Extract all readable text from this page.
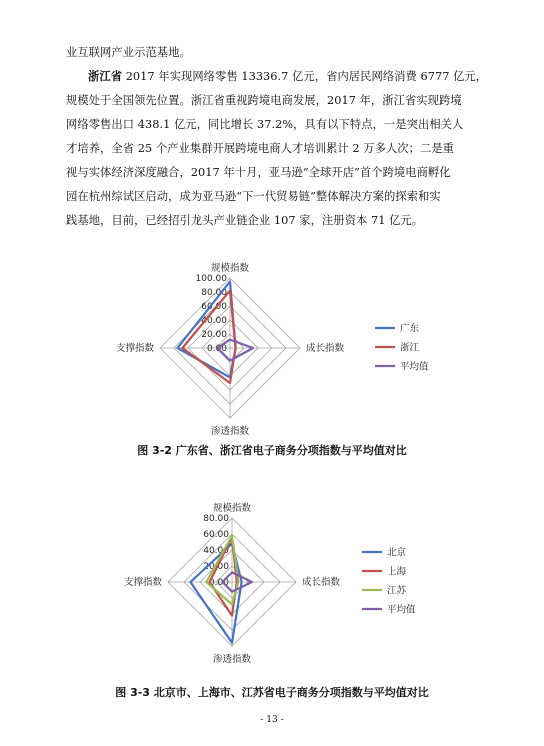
业互联网产业示范基地。
浙江省 2017 年实现网络零售 13336.7 亿元，省内居民网络消费 6777 亿元，
规模处于全国领先位置。浙江省重视跨境电商发展，2017 年，浙江省实现跨境
网络零售出口 438.1 亿元，同比增长 37.2%，具有以下特点，一是突出相关人
才培养，全省 25 个产业集群开展跨境电商人才培训累计 2 万多人次；二是重
视与实体经济深度融合，2017 年十月，亚马逊“全球开店”首个跨境电商孵化
园在杭州综试区启动，成为亚马逊“下一代贸易链”整体解决方案的探索和实
践基地，目前，已经招引龙头产业链企业 107 家，注册资本 71 亿元。
100.00
80.00
60.00
40.00
20.00
0.00
规模指数
成长指数
渗透指数
支撑指数
广东
浙江
平均值
图 3-2 广东省、浙江省电子商务分项指数与平均值对比
80.00
60.00
40.00
20.00
0.00
规模指数
成长指数
渗透指数
支撑指数
北京
上海
江苏
平均值
图 3-3 北京市、上海市、江苏省电子商务分项指数与平均值对比
- 13 -
